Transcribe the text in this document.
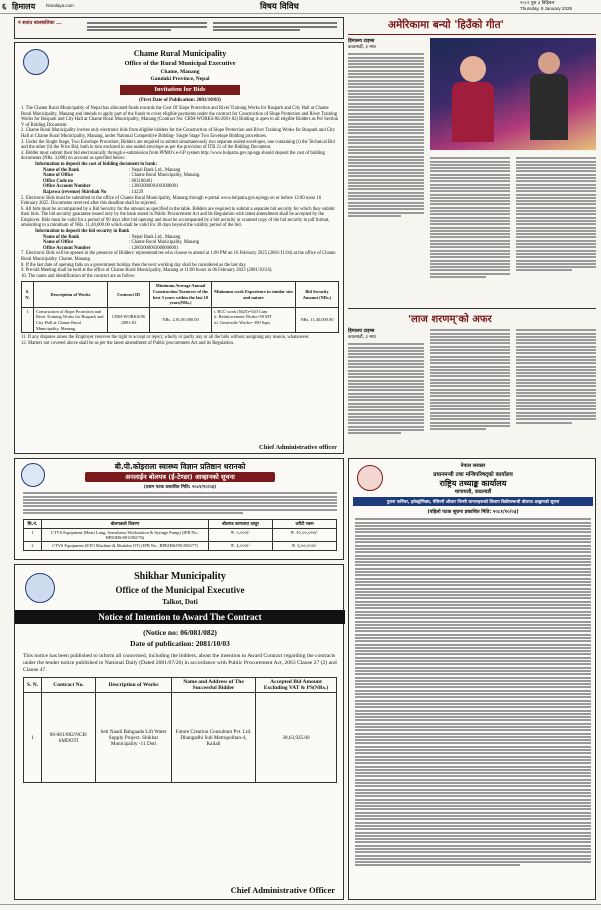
६ हिमालय himalaya.com	विषय विविध	२०८१ पुस ३ बिहिबार
Thursday, 9 January 2025
न सताउ बालबालिका ...
Chame Rural Municipality
Office of the Rural Municipal Executive
Chame, Manang
Gandaki Province, Nepal
Invitation for Bids
(First Date of Publication: 2081/10/03)
1. The Chame Rural Municipality of Nepal has allocated funds towards the Cost Of Slope Protection and River Training Works for Buspark and City Hall at Chame Rural Municipality, Manang and intends to apply part of the funds to cover eligible payments under the contract for Construction of Slope Protection and River Training Works for Buspark and City Hall at Chame Rural Municipality, Manang (Contract No: CRM-WORKS/06/2081-82) Bidding is open to all eligible Bidders as Per Section V of Bidding Document.
2. Chame Rural Municipality invites only electronic bids from eligible bidders for the Construction of Slope Protection and River Training Works for Buspark and City Hall at Chame Rural Municipality, Manang, under National Competitive Bidding- Single Stage Two Envelope Bidding procedures.
3. Under the Single Stage, Two Envelope Procedure, Bidders are required to submit simultaneously two separate sealed envelopes, one containing (i) the Technical Bid and the other (ii) the Price Bid, both in turn enclosed in one sealed envelope as per the provision of ITB 21 of the Bidding Document.
4. Bidder must submit their bid electronically through e-submission from PPMO's e-GP system http://www.bolpatra.gov.np/egp should deposit the cost of bidding documents (NRs. 3,000) on account as specified below:
Information to deposit the cost of bidding document in bank:
Name of the Bank	: Nepal Bank Ltd., Manang
Name of Office	: Chame Rural Municipality, Manang.
Office Code no	: 803106401
Office Account Number	: 12803000001001000001
Rajaswa (revenue) Shirshak No	: 14229
5. Electronic Bids must be submitted to the office of Chame Rural Municipality, Manang through e-portal www.bolpatra.gov.np/egp on or before 12:00 noon 16 February 2025. Documents received after this deadline shall be rejected.
6. All bids must be accompanied by a Bid Security for the amount as specified in the table. Bidders are required to submit a separate bid security for which they submit their bids. The bid security guarantee issued only by the bank stated in Public Procurement Act and Its Regulation with latest amendment shall be accepted by the Employer. Bids must be valid for a period of 90 days after bid opening and must be accompanied by a bid security or scanned copy of the bid security in pdf format, amounting to a minimum of NRs. 11,40,000.00 which shall be valid for 30 days beyond the validity period of the bid.
Information to deposit the bid security in Bank
Name of the Bank	: Nepal Bank Ltd., Manang
Name of Office	: Chame Rural Municipality, Manang
Office Account Number	: 12803000003000000001
7. Electronic Bids will be opened in the presence of Bidders' representatives who choose to attend at 1:00 PM on 16 February 2025 (2081/11/04) at the office of Chame Rural Municipality, Chame, Manang.
8. If the last date of opening falls on a government holiday then the next working day shall be considered as the last day.
9. Pre-bid Meeting shall be held at the office of Chame Rural Municipality, Manang at 11:00 hours in 06 February 2023 (2081/10/24).
10. The name and identification of the contract are as follow:
S. N.	Description of Works	Contract ID	Minimum Average Annual Construction Turnover of the best 3 years within the last 10 years(NRs.)	Minimum work Experience in similar size and nature	Bid Security Amount (NRs.)
1	Construction of Slope Protection and River Training Works for Buspark and City Hall at Chame Rural Municipality, Manang.	CRM-WORKS/06 /2081-82	NRs. 2,81,00,000.00	i. RCC work (M25)=520 Cum
ii. Reinforcement Works=50 MT
iii. Geotextile Works= 390 Sqm	NRs. 11,40,000.00
11. If any disputes arises the Employer reserves the right to accept or reject, wholly or partly any or all the bids without assigning any reason, whatsoever.
12. Matters not covered above shall be as per the latest amendment of Public procurement Act and its Regulation.
Chief Administrative officer
बी.पी.कोइराला स्वास्थ्य विज्ञान प्रतिष्ठान धरानको
अनलाईन बोलपत्र (ई-टेण्डर) आव्हानको सूचना
(प्रथम पटक प्रकाशित मिति: २०८१/१०/०३)
सि.नं.	बोलपत्रको विवरण	बोलपत्र कागजात दस्तुर	धरौटी रकम
1	CTVS Equipment (Heart Lung, Anesthesia Workstation & Syringe Pump) (IFB No.: BPKIHS/081/082/76)	रु. ५,०००/-	रु. २०,००,०००/-
2	CTVS Equipment (ETO Machine & Modular OT) (IFB No.: BPKIHS/081/082/77)	रु. ३,०००/-	रु. ६,५०,०००/-
Shikhar Municipality
Office of the Municipal Executive
Talkot, Doti
Notice of Intention to Award The Contract
(Notice no: 06/081/082)
Date of publication: 2081/10/03
This notice has been published to inform all concerned, including the bidders, about the intention to Award Contract regarding the contracts under the tender notice published in National Daily (Dated 2081/07/26) in accordance with Public Procurement Act, 2063 Clause 27 (2) and Clause 47.
S. N.	Contract No.	Description of Works	Name and Address of The Successful Bidder	Accepted Bid Amount Excluding VAT & PS(NRs.)
1	06-081/082/NCB/ SMDOTI	Seti Naadi Bahgaada Lift Water Supply Project. Shikhar Municipality -11 Doti	Future Creation Consultant Pvt. Ltd. Dhangadhi Sub Metropolitan-4, Kailali	38,63,925.00
Chief Administrative Officer
अमेरिकामा बन्यो 'हिउँको गीत'
हिमालय टाइम्स
काठमाडौं, ३ माघ
'लाज शरणम्'को अफर
हिमालय टाइम्स
काठमाडौं, ३ माघ
नेपाल सरकार
प्रधानमन्त्री तथा मन्त्रिपरिषद्को कार्यालय
राष्ट्रिय तथ्याङ्क कार्यालय
थापाथली, काठमाडौं
पुराना फर्निचर, इलेक्ट्रोनिक्स, मेसिनरी औजार जिन्सी सामानहरूको लिलाम बिक्रीसम्बन्धी बोलपत्र आह्वानको सूचना
(पहिलो पटक सूचना प्रकाशित मिति: २०८१/१०/०३)
